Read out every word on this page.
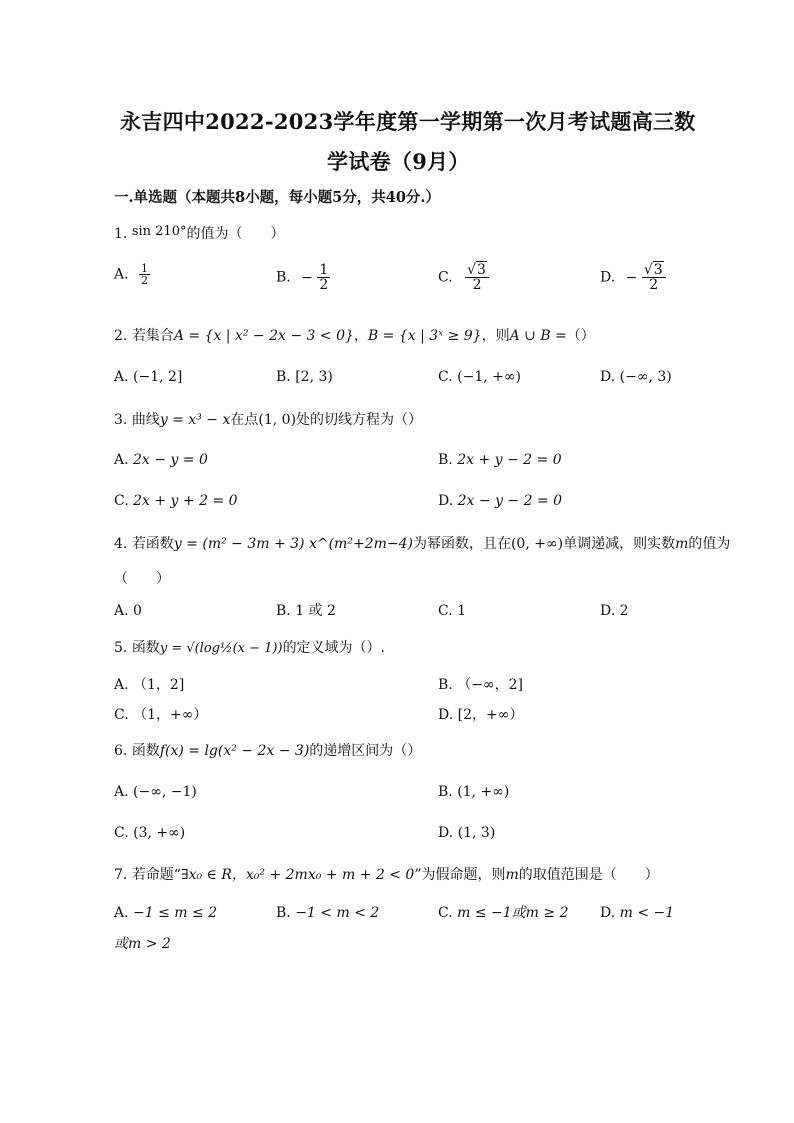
永吉四中2022-2023学年度第一学期第一次月考试题高三数
学试卷（9月）
一.单选题（本题共8小题，每小题5分，共40分.）
1. sin 210°的值为（　　）
A. $\frac{1}{2}$	B. − $\frac{1}{2}$	C. $\frac{√3}{2}$	D. − $\frac{√3}{2}$
2. 若集合A = {x | x² − 2x − 3 < 0}，B = {x | 3ˣ ≥ 9}，则A ∪ B =（）
A. (−1, 2]	B. [2, 3)	C. (−1, +∞)	D. (−∞, 3)
3. 曲线y = x³ − x在点(1, 0)处的切线方程为（）
A. 2x − y = 0	B. 2x + y − 2 = 0
C. 2x + y + 2 = 0	D. 2x − y − 2 = 0
4. 若函数y = (m² − 3m + 3) x^(m²+2m−4)为幂函数，且在(0, +∞)单调递减，则实数m的值为
（　　）
A. 0	B. 1 或 2	C. 1	D. 2
5. 函数y = √(log½(x − 1))的定义域为（）.
A. （1，2]	B. （−∞，2]
C. （1，+∞）	D. [2，+∞）
6. 函数f(x) = lg(x² − 2x − 3)的递增区间为（）
A. (−∞, −1)	B. (1, +∞)
C. (3, +∞)	D. (1, 3)
7. 若命题“∃x₀ ∈ R，x₀² + 2mx₀ + m + 2 < 0”为假命题，则m的取值范围是（　　）
A. −1 ≤ m ≤ 2	B. −1 < m < 2	C. m ≤ −1或m ≥ 2 D. m < −1
或m > 2
